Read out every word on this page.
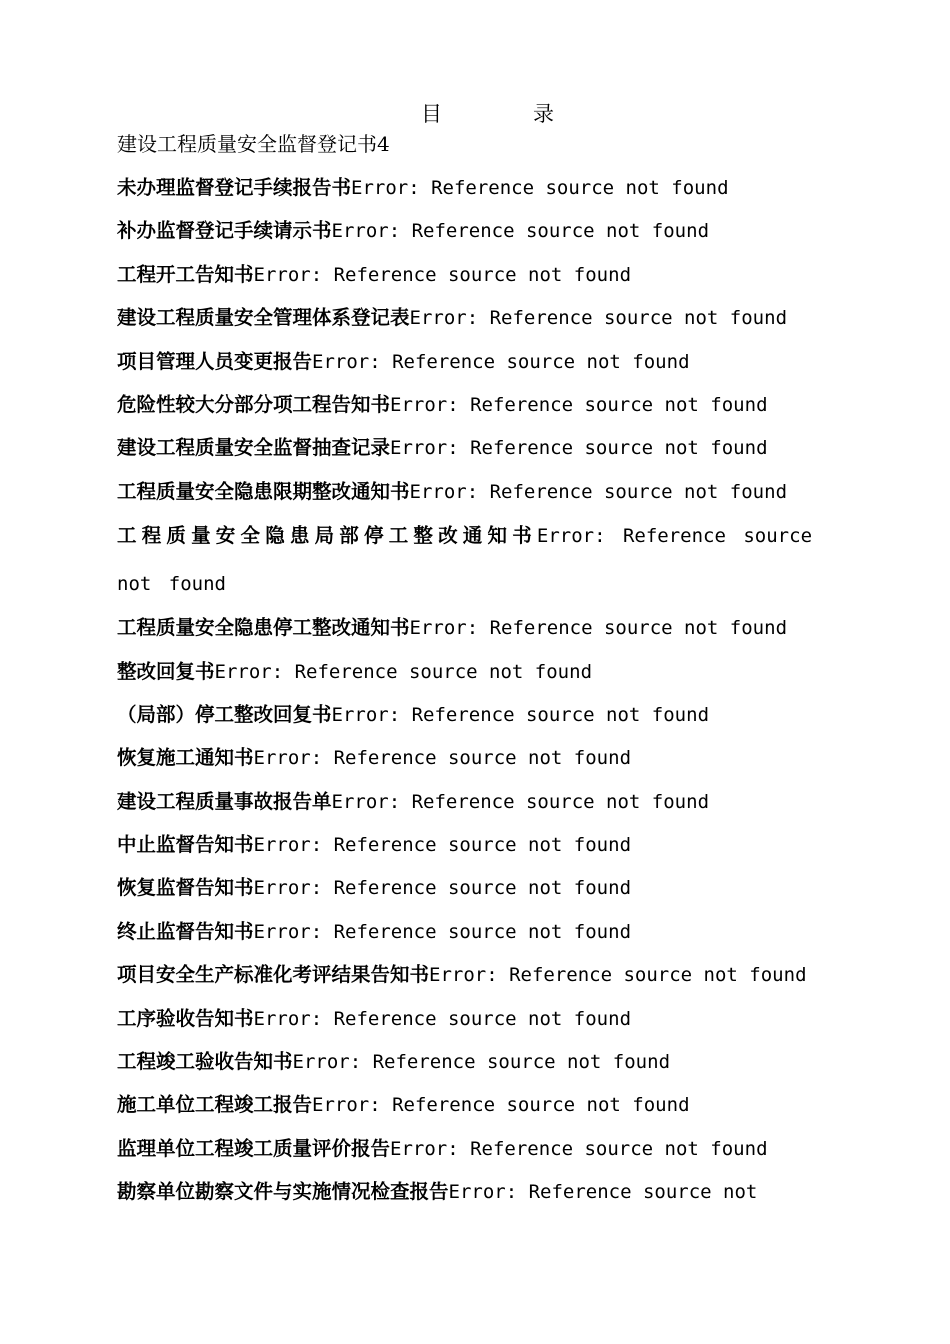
目	录
建设工程质量安全监督登记书4
未办理监督登记手续报告书Error: Reference source not found
补办监督登记手续请示书Error: Reference source not found
工程开工告知书Error: Reference source not found
建设工程质量安全管理体系登记表Error: Reference source not found
项目管理人员变更报告Error: Reference source not found
危险性较大分部分项工程告知书Error: Reference source not found
建设工程质量安全监督抽查记录Error: Reference source not found
工程质量安全隐患限期整改通知书Error: Reference source not found
工程质量安全隐患局部停工整改通知书Error: Reference source not found
工程质量安全隐患停工整改通知书Error: Reference source not found
整改回复书Error: Reference source not found
（局部）停工整改回复书Error: Reference source not found
恢复施工通知书Error: Reference source not found
建设工程质量事故报告单Error: Reference source not found
中止监督告知书Error: Reference source not found
恢复监督告知书Error: Reference source not found
终止监督告知书Error: Reference source not found
项目安全生产标准化考评结果告知书Error: Reference source not found
工序验收告知书Error: Reference source not found
工程竣工验收告知书Error: Reference source not found
施工单位工程竣工报告Error: Reference source not found
监理单位工程竣工质量评价报告Error: Reference source not found
勘察单位勘察文件与实施情况检查报告Error: Reference source not
